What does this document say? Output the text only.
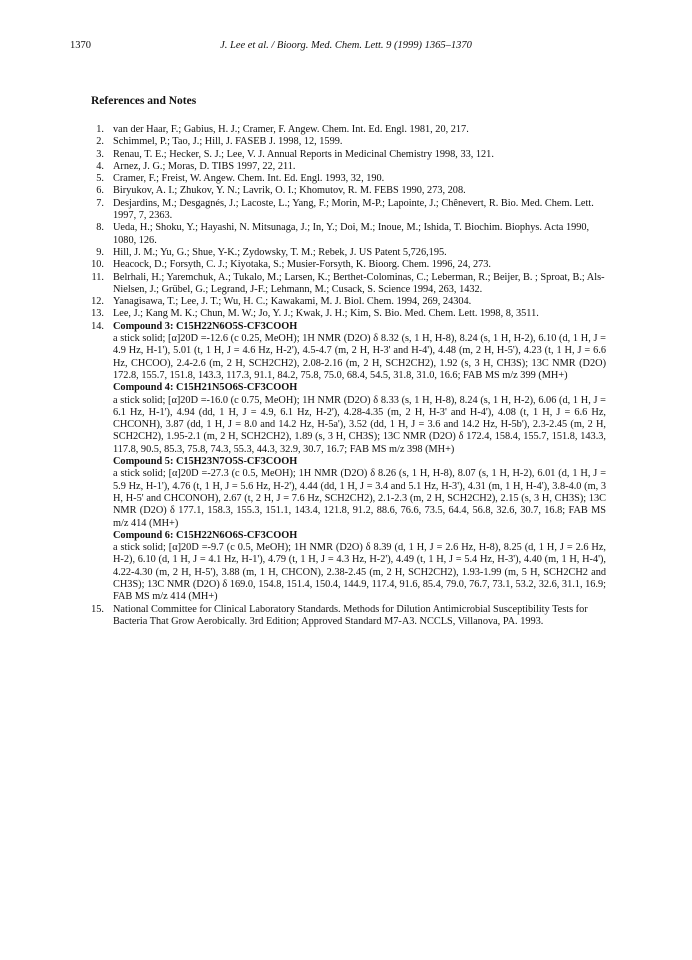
1370	J. Lee et al. / Bioorg. Med. Chem. Lett. 9 (1999) 1365–1370
References and Notes
1. van der Haar, F.; Gabius, H. J.; Cramer, F. Angew. Chem. Int. Ed. Engl. 1981, 20, 217.
2. Schimmel, P.; Tao, J.; Hill, J. FASEB J. 1998, 12, 1599.
3. Renau, T. E.; Hecker, S. J.; Lee, V. J. Annual Reports in Medicinal Chemistry 1998, 33, 121.
4. Arnez, J. G.; Moras, D. TIBS 1997, 22, 211.
5. Cramer, F.; Freist, W. Angew. Chem. Int. Ed. Engl. 1993, 32, 190.
6. Biryukov, A. I.; Zhukov, Y. N.; Lavrik, O. I.; Khomutov, R. M. FEBS 1990, 273, 208.
7. Desjardins, M.; Desgagnés, J.; Lacoste, L.; Yang, F.; Morin, M-P.; Lapointe, J.; Chênevert, R. Bio. Med. Chem. Lett. 1997, 7, 2363.
8. Ueda, H.; Shoku, Y.; Hayashi, N. Mitsunaga, J.; In, Y.; Doi, M.; Inoue, M.; Ishida, T. Biochim. Biophys. Acta 1990, 1080, 126.
9. Hill, J. M.; Yu, G.; Shue, Y-K.; Zydowsky, T. M.; Rebek, J. US Patent 5,726,195.
10. Heacock, D.; Forsyth, C. J.; Kiyotaka, S.; Musier-Forsyth, K. Bioorg. Chem. 1996, 24, 273.
11. Belrhali, H.; Yaremchuk, A.; Tukalo, M.; Larsen, K.; Berthet-Colominas, C.; Leberman, R.; Beijer, B. ; Sproat, B.; Als-Nielsen, J.; Grübel, G.; Legrand, J-F.; Lehmann, M.; Cusack, S. Science 1994, 263, 1432.
12. Yanagisawa, T.; Lee, J. T.; Wu, H. C.; Kawakami, M. J. Biol. Chem. 1994, 269, 24304.
13. Lee, J.; Kang M. K.; Chun, M. W.; Jo, Y. J.; Kwak, J. H.; Kim, S. Bio. Med. Chem. Lett. 1998, 8, 3511.
14. Compound 3: C15H22N6O5S-CF3COOH
a stick solid; [α]20D =-12.6 (c 0.25, MeOH); 1H NMR (D2O) δ 8.32 (s, 1 H, H-8), 8.24 (s, 1 H, H-2), 6.10 (d, 1 H, J = 4.9 Hz, H-1'), 5.01 (t, 1 H, J = 4.6 Hz, H-2'), 4.5-4.7 (m, 2 H, H-3' and H-4'), 4.48 (m, 2 H, H-5'), 4.23 (t, 1 H, J = 6.6 Hz, CHCOO), 2.4-2.6 (m, 2 H, SCH2CH2), 2.08-2.16 (m, 2 H, SCH2CH2), 1.92 (s, 3 H, CH3S); 13C NMR (D2O) 172.8, 155.7, 151.8, 143.3, 117.3, 91.1, 84.2, 75.8, 75.0, 68.4, 54.5, 31.8, 31.0, 16.6; FAB MS m/z 399 (MH+)
Compound 4: C15H21N5O6S-CF3COOH
a stick solid; [α]20D =-16.0 (c 0.75, MeOH); 1H NMR (D2O) δ 8.33 (s, 1 H, H-8), 8.24 (s, 1 H, H-2), 6.06 (d, 1 H, J = 6.1 Hz, H-1'), 4.94 (dd, 1 H, J = 4.9, 6.1 Hz, H-2'), 4.28-4.35 (m, 2 H, H-3' and H-4'), 4.08 (t, 1 H, J = 6.6 Hz, CHCONH), 3.87 (dd, 1 H, J = 8.0 and 14.2 Hz, H-5a'), 3.52 (dd, 1 H, J = 3.6 and 14.2 Hz, H-5b'), 2.3-2.45 (m, 2 H, SCH2CH2), 1.95-2.1 (m, 2 H, SCH2CH2), 1.89 (s, 3 H, CH3S); 13C NMR (D2O) δ 172.4, 158.4, 155.7, 151.8, 143.3, 117.8, 90.5, 85.3, 75.8, 74.3, 55.3, 44.3, 32.9, 30.7, 16.7; FAB MS m/z 398 (MH+)
Compound 5: C15H23N7O5S-CF3COOH
a stick solid; [α]20D =-27.3 (c 0.5, MeOH); 1H NMR (D2O) δ 8.26 (s, 1 H, H-8), 8.07 (s, 1 H, H-2), 6.01 (d, 1 H, J = 5.9 Hz, H-1'), 4.76 (t, 1 H, J = 5.6 Hz, H-2'), 4.44 (dd, 1 H, J = 3.4 and 5.1 Hz, H-3'), 4.31 (m, 1 H, H-4'), 3.8-4.0 (m, 3 H, H-5' and CHCONOH), 2.67 (t, 2 H, J = 7.6 Hz, SCH2CH2), 2.1-2.3 (m, 2 H, SCH2CH2), 2.15 (s, 3 H, CH3S); 13C NMR (D2O) δ 177.1, 158.3, 155.3, 151.1, 143.4, 121.8, 91.2, 88.6, 76.6, 73.5, 64.4, 56.8, 32.6, 30.7, 16.8; FAB MS m/z 414 (MH+)
Compound 6: C15H22N6O6S-CF3COOH
a stick solid; [α]20D =-9.7 (c 0.5, MeOH); 1H NMR (D2O) δ 8.39 (d, 1 H, J = 2.6 Hz, H-8), 8.25 (d, 1 H, J = 2.6 Hz, H-2), 6.10 (d, 1 H, J = 4.1 Hz, H-1'), 4.79 (t, 1 H, J = 4.3 Hz, H-2'), 4.49 (t, 1 H, J = 5.4 Hz, H-3'), 4.40 (m, 1 H, H-4'), 4.22-4.30 (m, 2 H, H-5'), 3.88 (m, 1 H, CHCON), 2.38-2.45 (m, 2 H, SCH2CH2), 1.93-1.99 (m, 5 H, SCH2CH2 and CH3S); 13C NMR (D2O) δ 169.0, 154.8, 151.4, 150.4, 144.9, 117.4, 91.6, 85.4, 79.0, 76.7, 73.1, 53.2, 32.6, 31.1, 16.9; FAB MS m/z 414 (MH+)
15. National Committee for Clinical Laboratory Standards. Methods for Dilution Antimicrobial Susceptibility Tests for Bacteria That Grow Aerobically. 3rd Edition; Approved Standard M7-A3. NCCLS, Villanova, PA. 1993.
